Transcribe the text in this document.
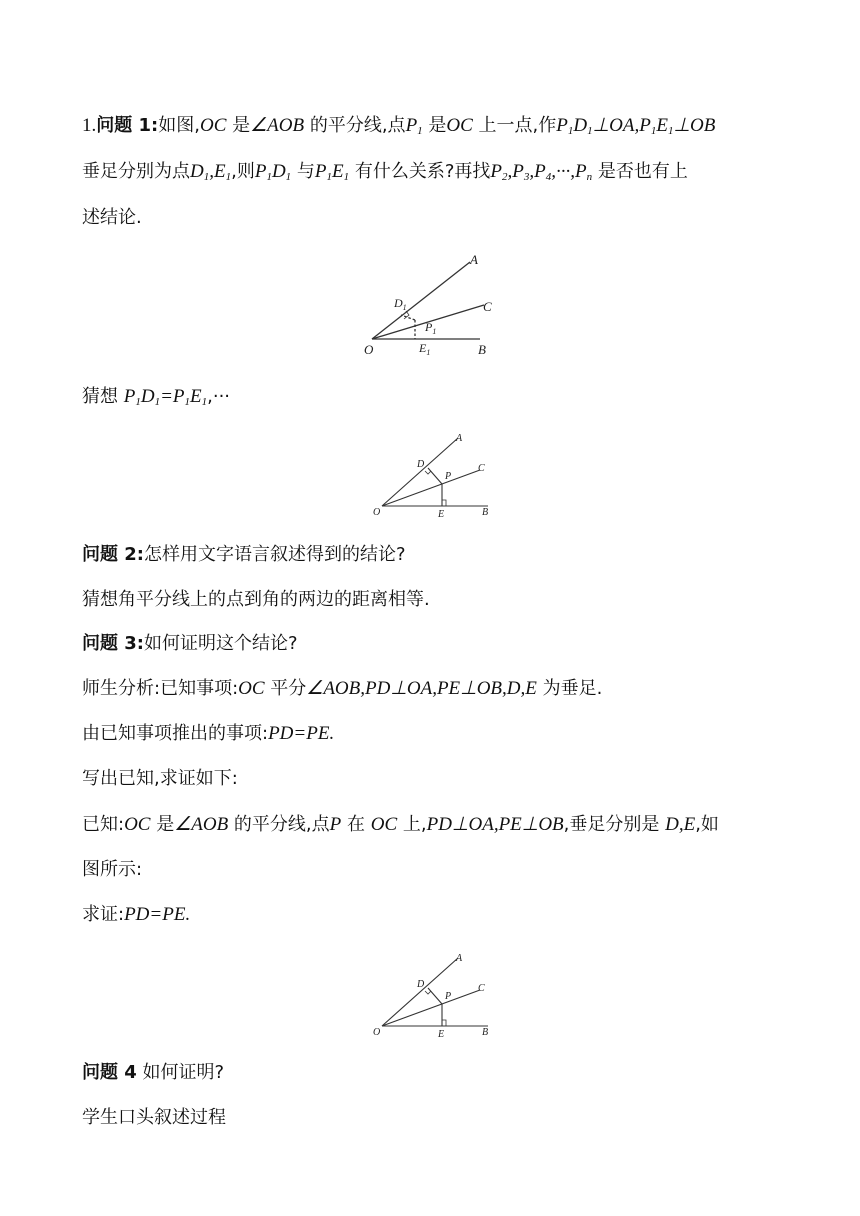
1.问题 1:如图,OC 是∠AOB 的平分线,点$P_1$ 是OC 上一点,作$P_1D_1\perp OA,P_1E_1\perp OB$
垂足分别为点$D_1,E_1$,则$P_1D_1$ 与$P_1E_1$ 有什么关系?再找$P_2,P_3,P_4,\cdot\cdot\cdot,P_n$ 是否也有上
述结论.
A
C
B
O
$D_1$
$P_1$
$E_1$
猜想 $P_1D_1=P_1E_1,\cdot\cdot\cdot$
A
C
B
O
D
P
E
问题 2:怎样用文字语言叙述得到的结论?
猜想角平分线上的点到角的两边的距离相等.
问题 3:如何证明这个结论?
师生分析:已知事项:OC 平分∠AOB,PD⊥OA,PE⊥OB,D,E 为垂足.
由已知事项推出的事项:PD=PE.
写出已知,求证如下:
已知:OC 是∠AOB 的平分线,点P 在 OC 上,PD⊥OA,PE⊥OB,垂足分别是 D,E,如
图所示:
求证:PD=PE.
A
C
B
O
D
P
E
问题 4 如何证明?
学生口头叙述过程
